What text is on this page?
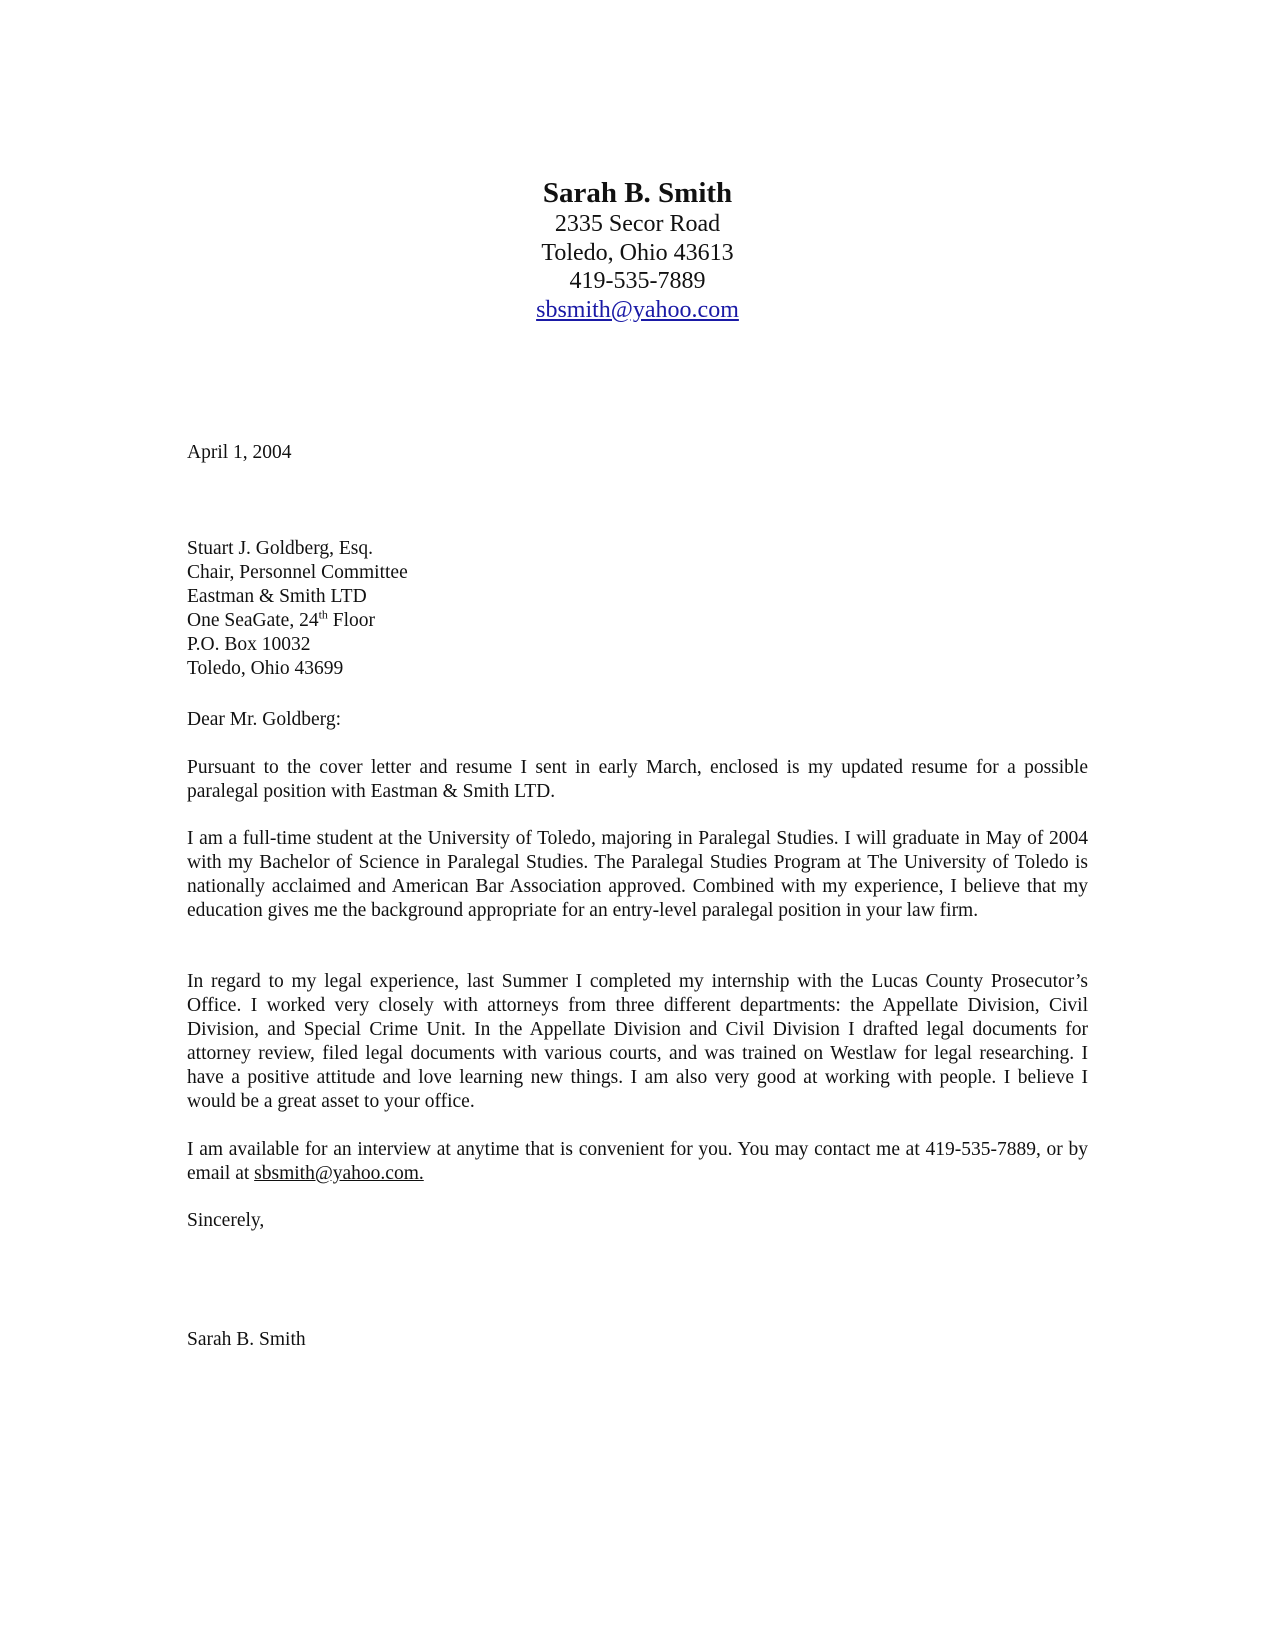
Sarah B. Smith

2335 Secor Road

Toledo, Ohio 43613

419-535-7889

sbsmith@yahoo.com

April 1, 2004
Stuart J. Goldberg, Esq.
Chair, Personnel Committee
Eastman & Smith LTD
One SeaGate, 24th Floor
P.O. Box 10032
Toledo, Ohio 43699
Dear Mr. Goldberg:
Pursuant to the cover letter and resume I sent in early March, enclosed is my updated resume for a possible paralegal position with Eastman & Smith LTD.
I am a full-time student at the University of Toledo, majoring in Paralegal Studies. I will graduate in May of 2004 with my Bachelor of Science in Paralegal Studies. The Paralegal Studies Program at The University of Toledo is nationally acclaimed and American Bar Association approved. Combined with my experience, I believe that my education gives me the background appropriate for an entry-level paralegal position in your law firm.
In regard to my legal experience, last Summer I completed my internship with the Lucas County Prosecutor’s Office. I worked very closely with attorneys from three different departments: the Appellate Division, Civil Division, and Special Crime Unit. In the Appellate Division and Civil Division I drafted legal documents for attorney review, filed legal documents with various courts, and was trained on Westlaw for legal researching. I have a positive attitude and love learning new things. I am also very good at working with people. I believe I would be a great asset to your office.
I am available for an interview at anytime that is convenient for you. You may contact me at 419-535-7889, or by email at sbsmith@yahoo.com.
Sincerely,
Sarah B. Smith
